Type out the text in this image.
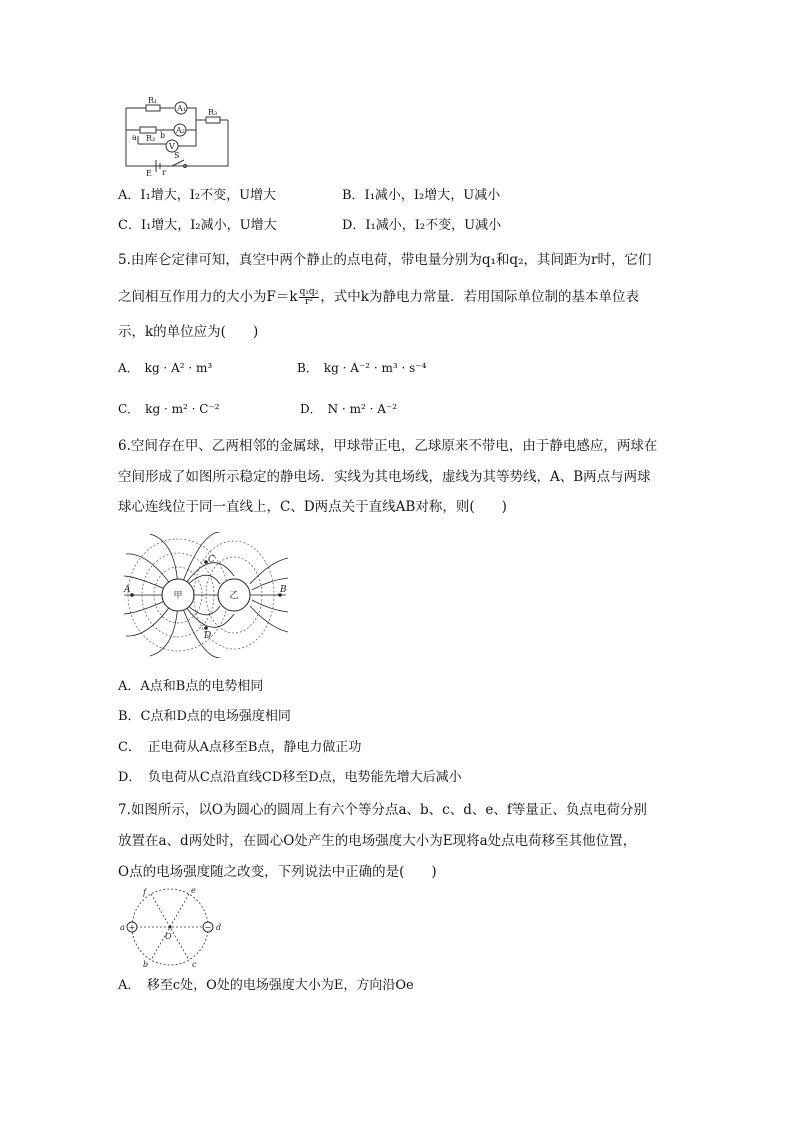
R₁
A₁	R₃
A₂
a R₂ b
V
S
E r
A．I₁增大，I₂不变，U增大	B．I₁减小，I₂增大，U减小
C．I₁增大，I₂减小，U增大	D．I₁减小，I₂不变，U减小
5.由库仑定律可知，真空中两个静止的点电荷，带电量分别为q₁和q₂，其间距为r时，它们
之间相互作用力的大小为$F=k \frac{\text{q₁q₂}}{\text{r²}}$ ，式中k为静电力常量．若用国际单位制的基本单位表
示，k的单位应为(　　)
A．　kg · A² · m³	B．　kg · A⁻² · m³ · s⁻⁴
C．　kg · m² · C⁻²	D．　N · m² · A⁻²
6.空间存在甲、乙两相邻的金属球，甲球带正电，乙球原来不带电，由于静电感应，两球在
空间形成了如图所示稳定的静电场．实线为其电场线，虚线为其等势线，A、B两点与两球
球心连线位于同一直线上，C、D两点关于直线AB对称，则(　　)
A	B
C
D
甲	乙
A．A点和B点的电势相同
B．C点和D点的电场强度相同
C．　正电荷从A点移至B点，静电力做正功
D．　负电荷从C点沿直线CD移至D点，电势能先增大后减小
7.如图所示，以O为圆心的圆周上有六个等分点a、b、c、d、e、f等量正、负点电荷分别
放置在a、d两处时，在圆心O处产生的电场强度大小为E现将a处点电荷移至其他位置，
O点的电场强度随之改变，下列说法中正确的是(　　)
+	−
a	d
f	e
b	c
O
A．　移至c处，O处的电场强度大小为E，方向沿Oe
